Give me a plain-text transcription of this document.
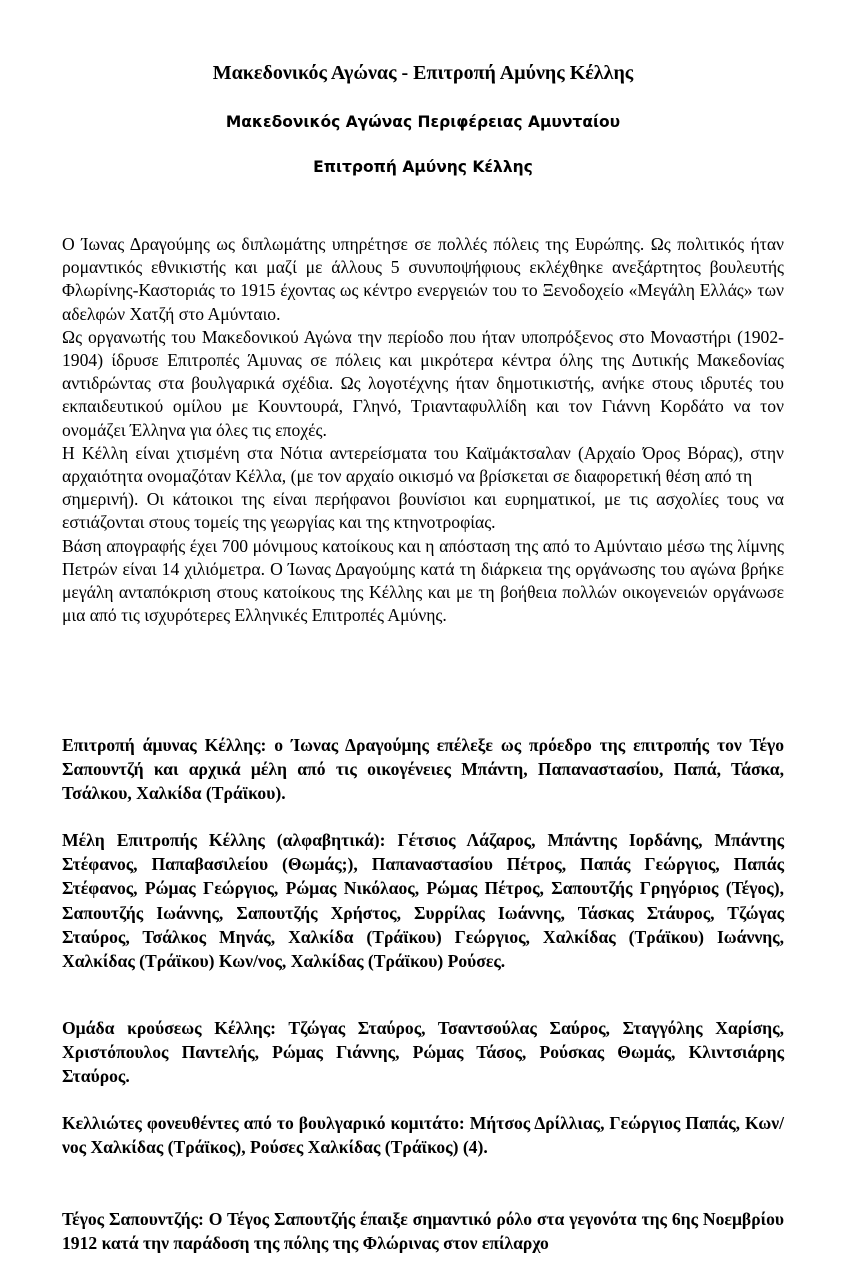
Μακεδονικός Αγώνας - Επιτροπή Αμύνης Κέλλης
Μακεδονικός Αγώνας Περιφέρειας Αμυνταίου
Επιτροπή Αμύνης Κέλλης

Ο Ίωνας Δραγούμης ως διπλωμάτης υπηρέτησε σε πολλές πόλεις της Ευρώπης. Ως πολιτικός ήταν ρομαντικός εθνικιστής και μαζί με άλλους 5 συνυποψήφιους εκλέχθηκε ανεξάρτητος βουλευτής Φλωρίνης-Καστοριάς το 1915 έχοντας ως κέντρο ενεργειών του το Ξενοδοχείο «Μεγάλη Ελλάς» των αδελφών Χατζή στο Αμύνταιο.

Ως οργανωτής του Μακεδονικού Αγώνα την περίοδο που ήταν υποπρόξενος στο Μοναστήρι (1902-1904) ίδρυσε Επιτροπές Άμυνας σε πόλεις και μικρότερα κέντρα όλης της Δυτικής Μακεδονίας αντιδρώντας στα βουλγαρικά σχέδια. Ως λογοτέχνης ήταν δημοτικιστής, ανήκε στους ιδρυτές του εκπαιδευτικού ομίλου με Κουντουρά, Γληνό, Τριανταφυλλίδη και τον Γιάννη Κορδάτο να τον ονομάζει Έλληνα για όλες τις εποχές.

Η Κέλλη είναι χτισμένη στα Νότια αντερείσματα του Καϊμάκτσαλαν (Αρχαίο Όρος Βόρας), στην αρχαιότητα ονομαζόταν Κέλλα, (με τον αρχαίο οικισμό να βρίσκεται σε διαφορετική θέση από τη

σημερινή). Οι κάτοικοι της είναι περήφανοι βουνίσιοι και ευρηματικοί, με τις ασχολίες τους να εστιάζονται στους τομείς της γεωργίας και της κτηνοτροφίας.

Βάση απογραφής έχει 700 μόνιμους κατοίκους και η απόσταση της από το Αμύνταιο μέσω της λίμνης Πετρών είναι 14 χιλιόμετρα. Ο Ίωνας Δραγούμης κατά τη διάρκεια της οργάνωσης του αγώνα βρήκε μεγάλη ανταπόκριση στους κατοίκους της Κέλλης και με τη βοήθεια πολλών οικογενειών οργάνωσε μια από τις ισχυρότερες Ελληνικές Επιτροπές Αμύνης.

Επιτροπή άμυνας Κέλλης: ο Ίωνας Δραγούμης επέλεξε ως πρόεδρο της επιτροπής τον Τέγο Σαπουντζή και αρχικά μέλη από τις οικογένειες Μπάντη, Παπαναστασίου, Παπά, Τάσκα, Τσάλκου, Χαλκίδα (Τράϊκου).

Μέλη Επιτροπής Κέλλης (αλφαβητικά): Γέτσιος Λάζαρος, Μπάντης Ιορδάνης, Μπάντης Στέφανος, Παπαβασιλείου (Θωμάς;), Παπαναστασίου Πέτρος, Παπάς Γεώργιος, Παπάς Στέφανος, Ρώμας Γεώργιος, Ρώμας Νικόλαος, Ρώμας Πέτρος, Σαπουτζής Γρηγόριος (Τέγος), Σαπουτζής Ιωάννης, Σαπουτζής Χρήστος, Συρρίλας Ιωάννης, Τάσκας Στάυρος, Τζώγας Σταύρος, Τσάλκος Μηνάς, Χαλκίδα (Τράϊκου) Γεώργιος, Χαλκίδας (Τράϊκου) Ιωάννης, Χαλκίδας (Τράϊκου) Κων/νος, Χαλκίδας (Τράϊκου) Ρούσες.

Ομάδα κρούσεως Κέλλης: Τζώγας Σταύρος, Τσαντσούλας Σαύρος, Σταγγόλης Χαρίσης, Χριστόπουλος Παντελής, Ρώμας Γιάννης, Ρώμας Τάσος, Ρούσκας Θωμάς, Κλιντσιάρης Σταύρος.

Κελλιώτες φονευθέντες από το βουλγαρικό κομιτάτο: Μήτσος Δρίλλιας, Γεώργιος Παπάς, Κων/νος Χαλκίδας (Τράϊκος), Ρούσες Χαλκίδας (Τράϊκος) (4).

Τέγος Σαπουντζής: Ο Τέγος Σαπουτζής έπαιξε σημαντικό ρόλο στα γεγονότα της 6ης Νοεμβρίου 1912 κατά την παράδοση της πόλης της Φλώρινας στον επίλαρχο
